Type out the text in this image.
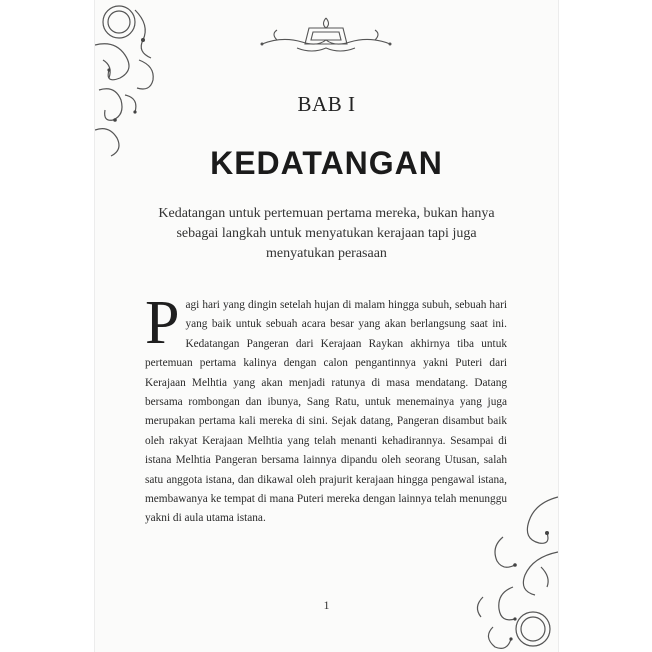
BAB I
KEDATANGAN
Kedatangan untuk pertemuan pertama mereka, bukan hanya sebagai langkah untuk menyatukan kerajaan tapi juga menyatukan perasaan
Pagi hari yang dingin setelah hujan di malam hingga subuh, sebuah hari yang baik untuk sebuah acara besar yang akan berlangsung saat ini. Kedatangan Pangeran dari Kerajaan Raykan akhirnya tiba untuk pertemuan pertama kalinya dengan calon pengantinnya yakni Puteri dari Kerajaan Melhtia yang akan menjadi ratunya di masa mendatang. Datang bersama rombongan dan ibunya, Sang Ratu, untuk menemainya yang juga merupakan pertama kali mereka di sini. Sejak datang, Pangeran disambut baik oleh rakyat Kerajaan Melhtia yang telah menanti kehadirannya. Sesampai di istana Melhtia Pangeran bersama lainnya dipandu oleh seorang Utusan, salah satu anggota istana, dan dikawal oleh prajurit kerajaan hingga pengawal istana, membawanya ke tempat di mana Puteri mereka dengan lainnya telah menunggu yakni di aula utama istana.
1
